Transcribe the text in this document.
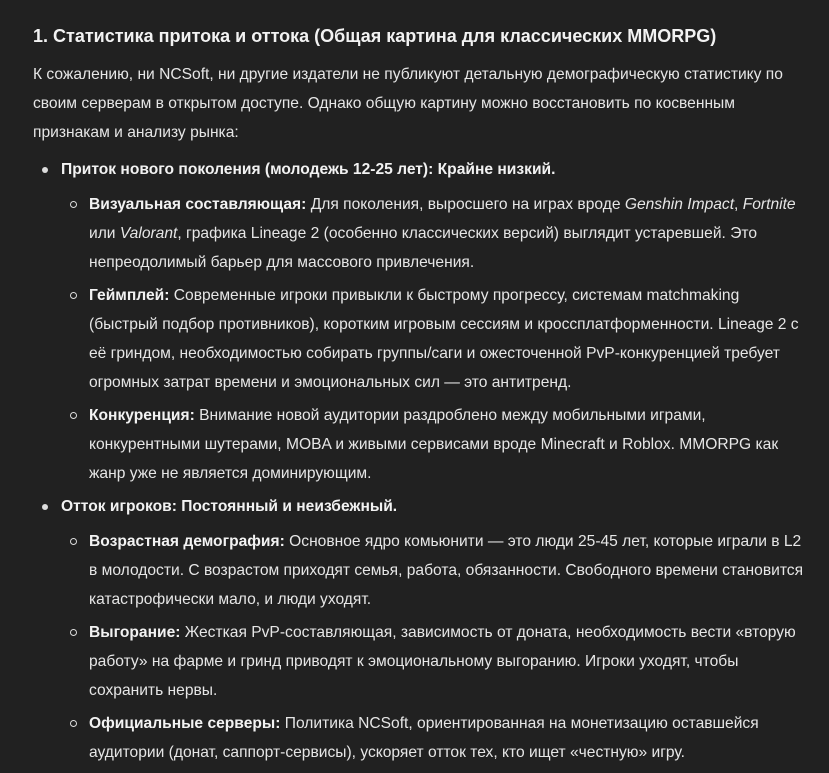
1. Статистика притока и оттока (Общая картина для классических MMORPG)

К сожалению, ни NCSoft, ни другие издатели не публикуют детальную демографическую статистику по своим серверам в открытом доступе. Однако общую картину можно восстановить по косвенным признакам и анализу рынка:

Приток нового поколения (молодежь 12-25 лет): Крайне низкий.
Визуальная составляющая: Для поколения, выросшего на играх вроде Genshin Impact, Fortnite или Valorant, графика Lineage 2 (особенно классических версий) выглядит устаревшей. Это непреодолимый барьер для массового привлечения.
Геймплей: Современные игроки привыкли к быстрому прогрессу, системам matchmaking (быстрый подбор противников), коротким игровым сессиям и кроссплатформенности. Lineage 2 с её гриндом, необходимостью собирать группы/саги и ожесточенной PvP-конкуренцией требует огромных затрат времени и эмоциональных сил — это антитренд.
Конкуренция: Внимание новой аудитории раздроблено между мобильными играми, конкурентными шутерами, MOBA и живыми сервисами вроде Minecraft и Roblox. MMORPG как жанр уже не является доминирующим.
Отток игроков: Постоянный и неизбежный.
Возрастная демография: Основное ядро комьюнити — это люди 25-45 лет, которые играли в L2 в молодости. С возрастом приходят семья, работа, обязанности. Свободного времени становится катастрофически мало, и люди уходят.
Выгорание: Жесткая PvP-составляющая, зависимость от доната, необходимость вести «вторую работу» на фарме и гринд приводят к эмоциональному выгоранию. Игроки уходят, чтобы сохранить нервы.
Официальные серверы: Политика NCSoft, ориентированная на монетизацию оставшейся аудитории (донат, саппорт-сервисы), ускоряет отток тех, кто ищет «честную» игру.
